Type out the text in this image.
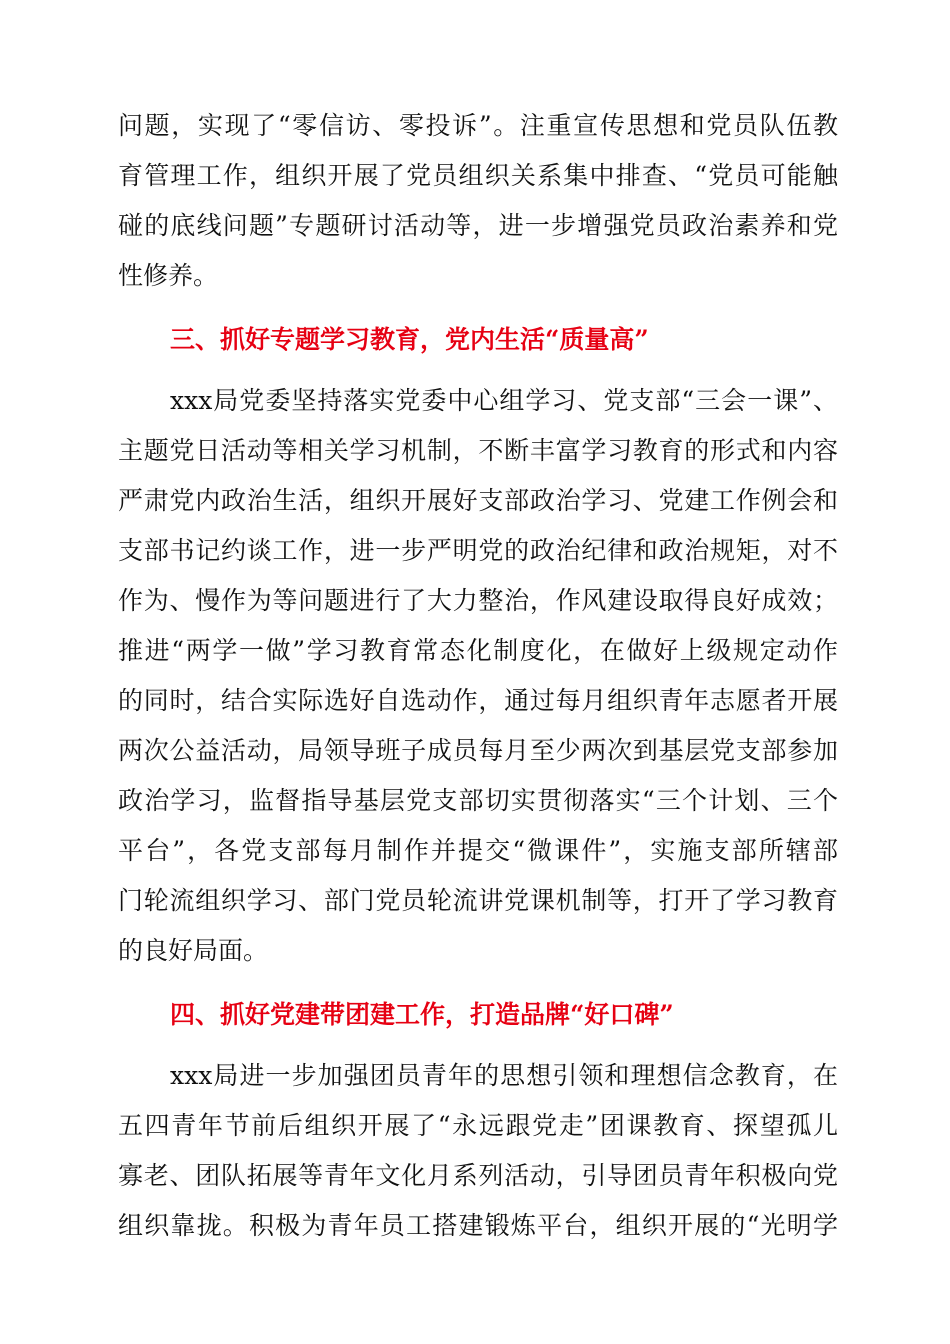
问题，实现了“零信访、零投诉”。注重宣传思想和党员队伍教
育管理工作，组织开展了党员组织关系集中排查、“党员可能触
碰的底线问题”专题研讨活动等，进一步增强党员政治素养和党
性修养。
三、抓好专题学习教育，党内生活“质量高”
xxx局党委坚持落实党委中心组学习、党支部“三会一课”、
主题党日活动等相关学习机制，不断丰富学习教育的形式和内容
严肃党内政治生活，组织开展好支部政治学习、党建工作例会和
支部书记约谈工作，进一步严明党的政治纪律和政治规矩，对不
作为、慢作为等问题进行了大力整治，作风建设取得良好成效；
推进“两学一做”学习教育常态化制度化，在做好上级规定动作
的同时，结合实际选好自选动作，通过每月组织青年志愿者开展
两次公益活动，局领导班子成员每月至少两次到基层党支部参加
政治学习，监督指导基层党支部切实贯彻落实“三个计划、三个
平台”，各党支部每月制作并提交“微课件”，实施支部所辖部
门轮流组织学习、部门党员轮流讲党课机制等，打开了学习教育
的良好局面。
四、抓好党建带团建工作，打造品牌“好口碑”
xxx局进一步加强团员青年的思想引领和理想信念教育，在
五四青年节前后组织开展了“永远跟党走”团课教育、探望孤儿
寡老、团队拓展等青年文化月系列活动，引导团员青年积极向党
组织靠拢。积极为青年员工搭建锻炼平台，组织开展的“光明学
